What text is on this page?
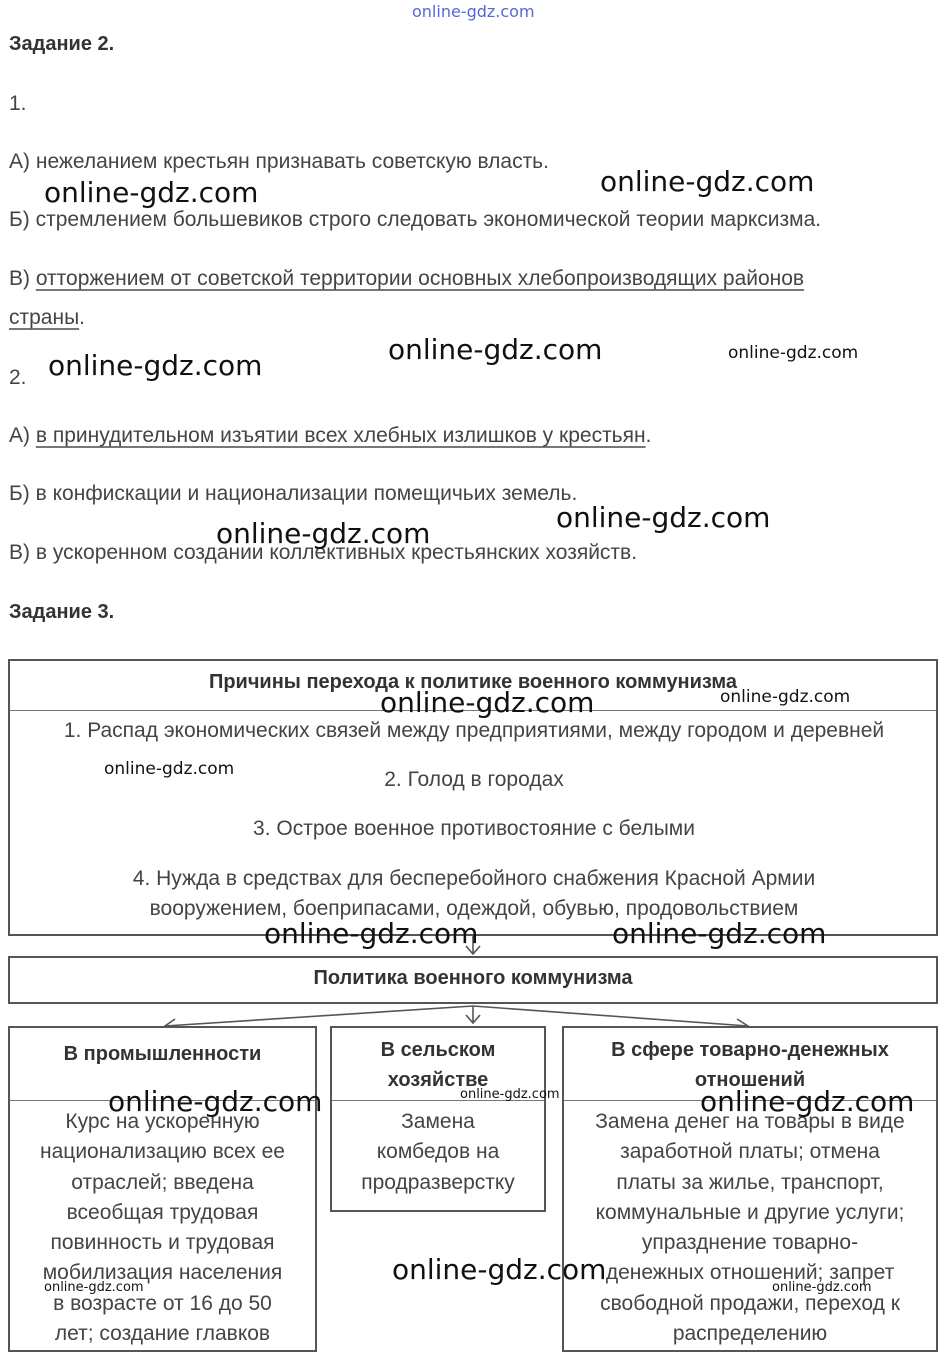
online-gdz.com
Задание 2.
1.
А) нежеланием крестьян признавать советскую власть.
Б) стремлением большевиков строго следовать экономической теории марксизма.
В) отторжением от советской территории основных хлебопроизводящих районов
страны.
2.
А) в принудительном изъятии всех хлебных излишков у крестьян.
Б) в конфискации и национализации помещичьих земель.
В) в ускоренном создании коллективных крестьянских хозяйств.
Задание 3.
Причины перехода к политике военного коммунизма
1. Распад экономических связей между предприятиями, между городом и деревней
2. Голод в городах
3. Острое военное противостояние с белыми
4. Нужда в средствах для бесперебойного снабжения Красной Армии
вооружением, боеприпасами, одеждой, обувью, продовольствием
Политика военного коммунизма
В промышленности
Курс на ускоренную
национализацию всех ее
отраслей; введена
всеобщая трудовая
повинность и трудовая
мобилизация населения
в возрасте от 16 до 50
лет; создание главков
В сельском
хозяйстве
Замена
комбедов на
продразверстку
В сфере товарно-денежных
отношений
Замена денег на товары в виде
заработной платы; отмена
платы за жилье, транспорт,
коммунальные и другие услуги;
упразднение товарно-
денежных отношений; запрет
свободной продажи, переход к
распределению
online-gdz.com	online-gdz.com
online-gdz.com	online-gdz.com	online-gdz.com
online-gdz.com	online-gdz.com
online-gdz.com	online-gdz.com
online-gdz.com
online-gdz.com	online-gdz.com
online-gdz.com	online-gdz.com	online-gdz.com
online-gdz.com
online-gdz.com	online-gdz.com
